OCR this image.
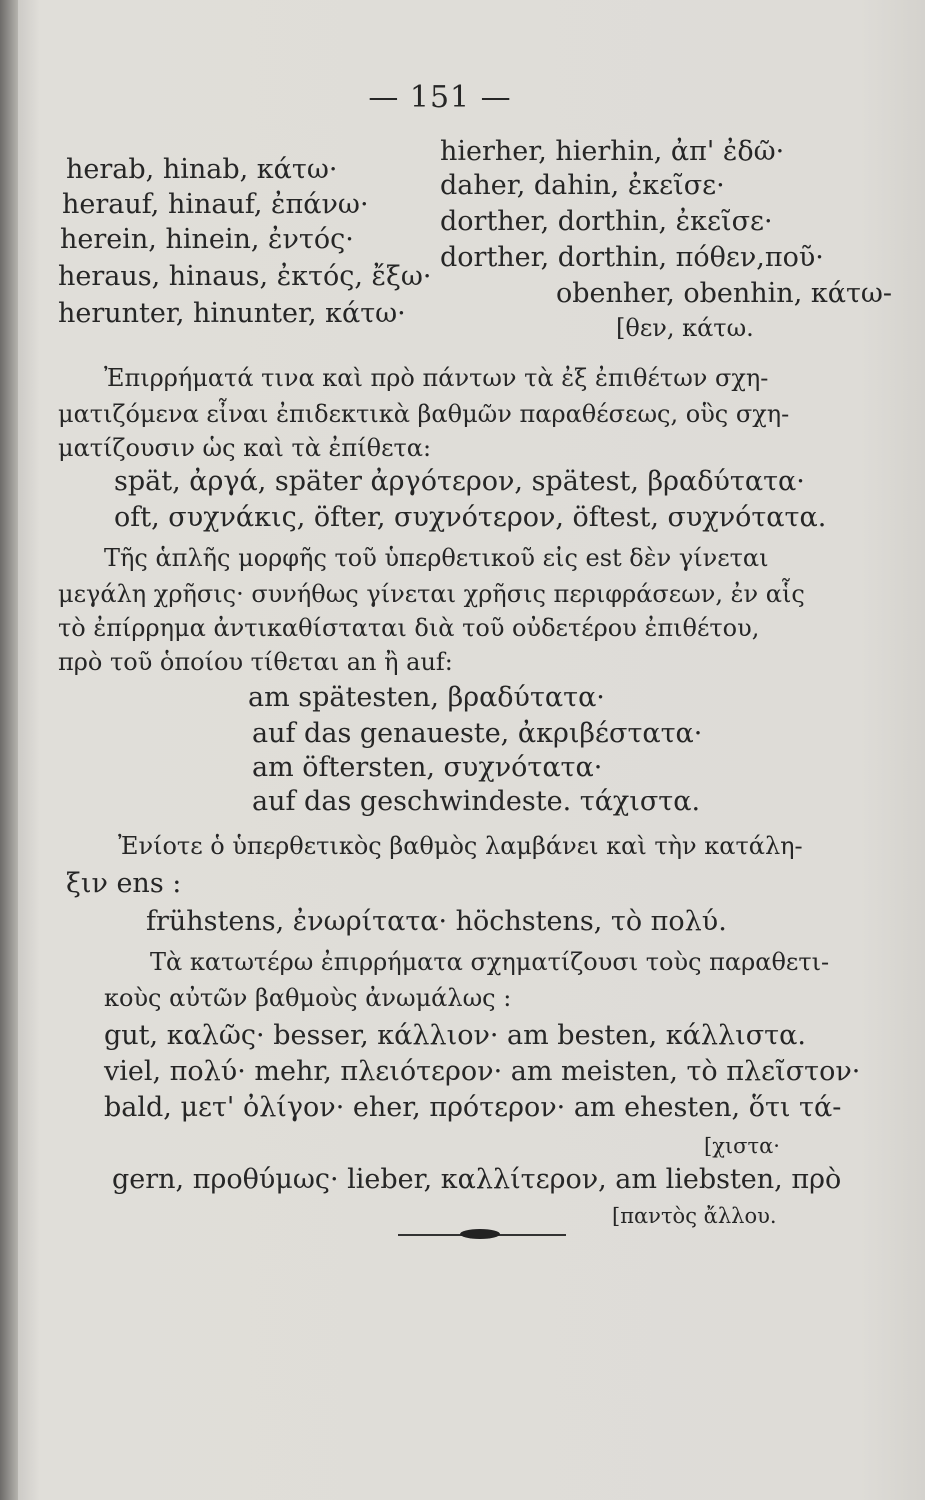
— 151 —
herab, hinab, κάτω·
herauf, hinauf, ἐπάνω·
herein, hinein, ἐντός·
heraus, hinaus, ἐκτός, ἔξω·
herunter, hinunter, κάτω·
hierher, hierhin, ἀπ' ἐδῶ·
daher, dahin, ἐκεῖσε·
dorther, dorthin, ἐκεῖσε·
dorther, dorthin, πόθεν,ποῦ·
obenher, obenhin, κάτω-
[θεν, κάτω.
Ἐπιρρήματά τινα καὶ πρὸ πάντων τὰ ἐξ ἐπιθέτων σχη-
ματιζόμενα εἶναι ἐπιδεκτικὰ βαθμῶν παραθέσεως, οὓς σχη-
ματίζουσιν ὡς καὶ τὰ ἐπίθετα:
spät, ἀργά, später ἀργότερον, spätest, βραδύτατα·
oft, συχνάκις, öfter, συχνότερον, öftest, συχνότατα.
Τῆς ἁπλῆς μορφῆς τοῦ ὑπερθετικοῦ εἰς est δὲν γίνεται
μεγάλη χρῆσις· συνήθως γίνεται χρῆσις περιφράσεων, ἐν αἷς
τὸ ἐπίρρημα ἀντικαθίσταται διὰ τοῦ οὐδετέρου ἐπιθέτου,
πρὸ τοῦ ὁποίου τίθεται an ἢ auf:
am spätesten, βραδύτατα·
auf das genaueste, ἀκριβέστατα·
am öftersten, συχνότατα·
auf das geschwindeste. τάχιστα.
Ἐνίοτε ὁ ὑπερθετικὸς βαθμὸς λαμβάνει καὶ τὴν κατάλη-
ξιν ens :
frühstens, ἐνωρίτατα· höchstens, τὸ πολύ.
Τὰ κατωτέρω ἐπιρρήματα σχηματίζουσι τοὺς παραθετι-
κοὺς αὐτῶν βαθμοὺς ἀνωμάλως :
gut, καλῶς· besser, κάλλιον· am besten, κάλλιστα.
viel, πολύ· mehr, πλειότερον· am meisten, τὸ πλεῖστον·
bald, μετ' ὀλίγον· eher, πρότερον· am ehesten, ὅτι τά-
[χιστα·
gern, προθύμως· lieber, καλλίτερον, am liebsten, πρὸ
[παντὸς ἄλλου.
